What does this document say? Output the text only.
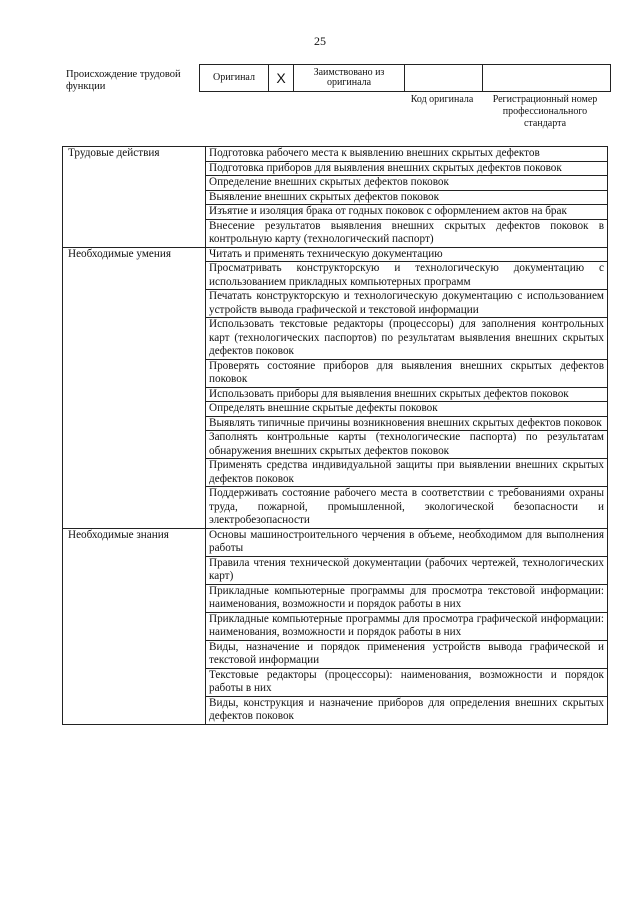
25
Происхождение трудовой функции
Оригинал	X	Заимствовано из оригинала		
Код оригинала	Регистрационный номер профессионального стандарта
Трудовые действия	Подготовка рабочего места к выявлению внешних скрытых дефектов
	Подготовка приборов для выявления внешних скрытых дефектов поковок
	Определение внешних скрытых дефектов поковок
	Выявление внешних скрытых дефектов поковок
	Изъятие и изоляция брака от годных поковок с оформлением актов на брак
	Внесение результатов выявления внешних скрытых дефектов поковок в контрольную карту (технологический паспорт)
Необходимые умения	Читать и применять техническую документацию
	Просматривать конструкторскую и технологическую документацию с использованием прикладных компьютерных программ
	Печатать конструкторскую и технологическую документацию с использованием устройств вывода графической и текстовой информации
	Использовать текстовые редакторы (процессоры) для заполнения контрольных карт (технологических паспортов) по результатам выявления внешних скрытых дефектов поковок
	Проверять состояние приборов для выявления внешних скрытых дефектов поковок
	Использовать приборы для выявления внешних скрытых дефектов поковок
	Определять внешние скрытые дефекты поковок
	Выявлять типичные причины возникновения внешних скрытых дефектов поковок
	Заполнять контрольные карты (технологические паспорта) по результатам обнаружения внешних скрытых дефектов поковок
	Применять средства индивидуальной защиты при выявлении внешних скрытых дефектов поковок
	Поддерживать состояние рабочего места в соответствии с требованиями охраны труда, пожарной, промышленной, экологической безопасности и электробезопасности
Необходимые знания	Основы машиностроительного черчения в объеме, необходимом для выполнения работы
	Правила чтения технической документации (рабочих чертежей, технологических карт)
	Прикладные компьютерные программы для просмотра текстовой информации: наименования, возможности и порядок работы в них
	Прикладные компьютерные программы для просмотра графической информации: наименования, возможности и порядок работы в них
	Виды, назначение и порядок применения устройств вывода графической и текстовой информации
	Текстовые редакторы (процессоры): наименования, возможности и порядок работы в них
	Виды, конструкция и назначение приборов для определения внешних скрытых дефектов поковок
